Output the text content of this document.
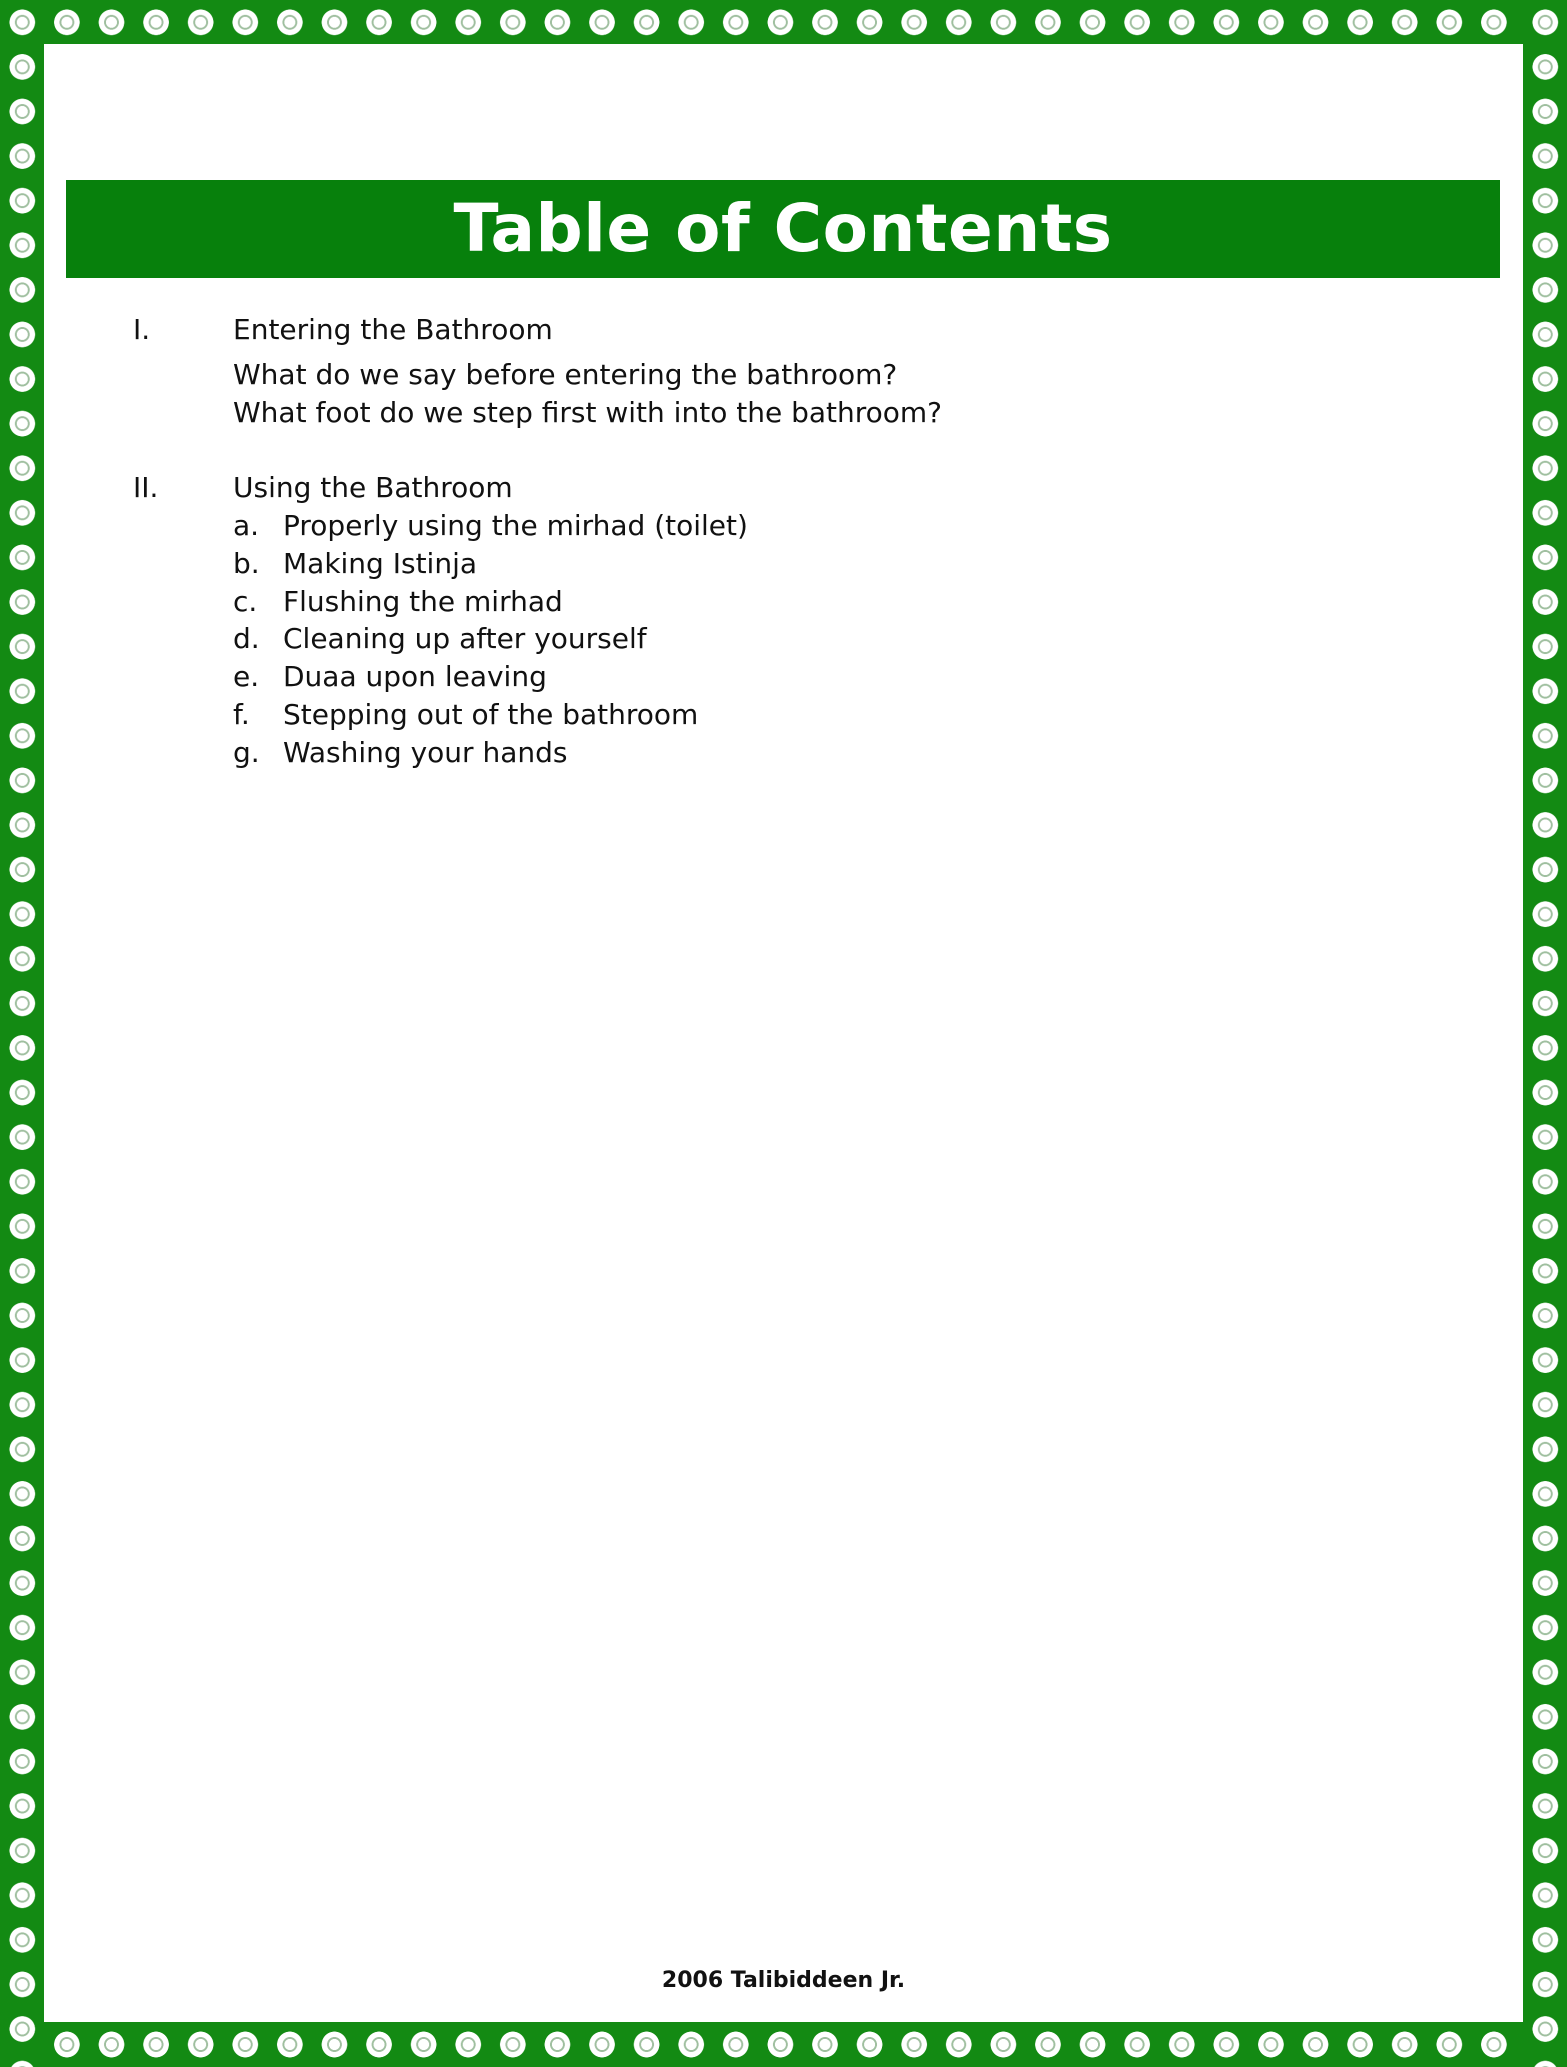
Table of Contents
I.	Entering the Bathroom
What do we say before entering the bathroom?
What foot do we step first with into the bathroom?
II.	Using the Bathroom
a. Properly using the mirhad (toilet)
b. Making Istinja
c. Flushing the mirhad
d. Cleaning up after yourself
e. Duaa upon leaving
f. Stepping out of the bathroom
g. Washing your hands
2006 Talibiddeen Jr.
